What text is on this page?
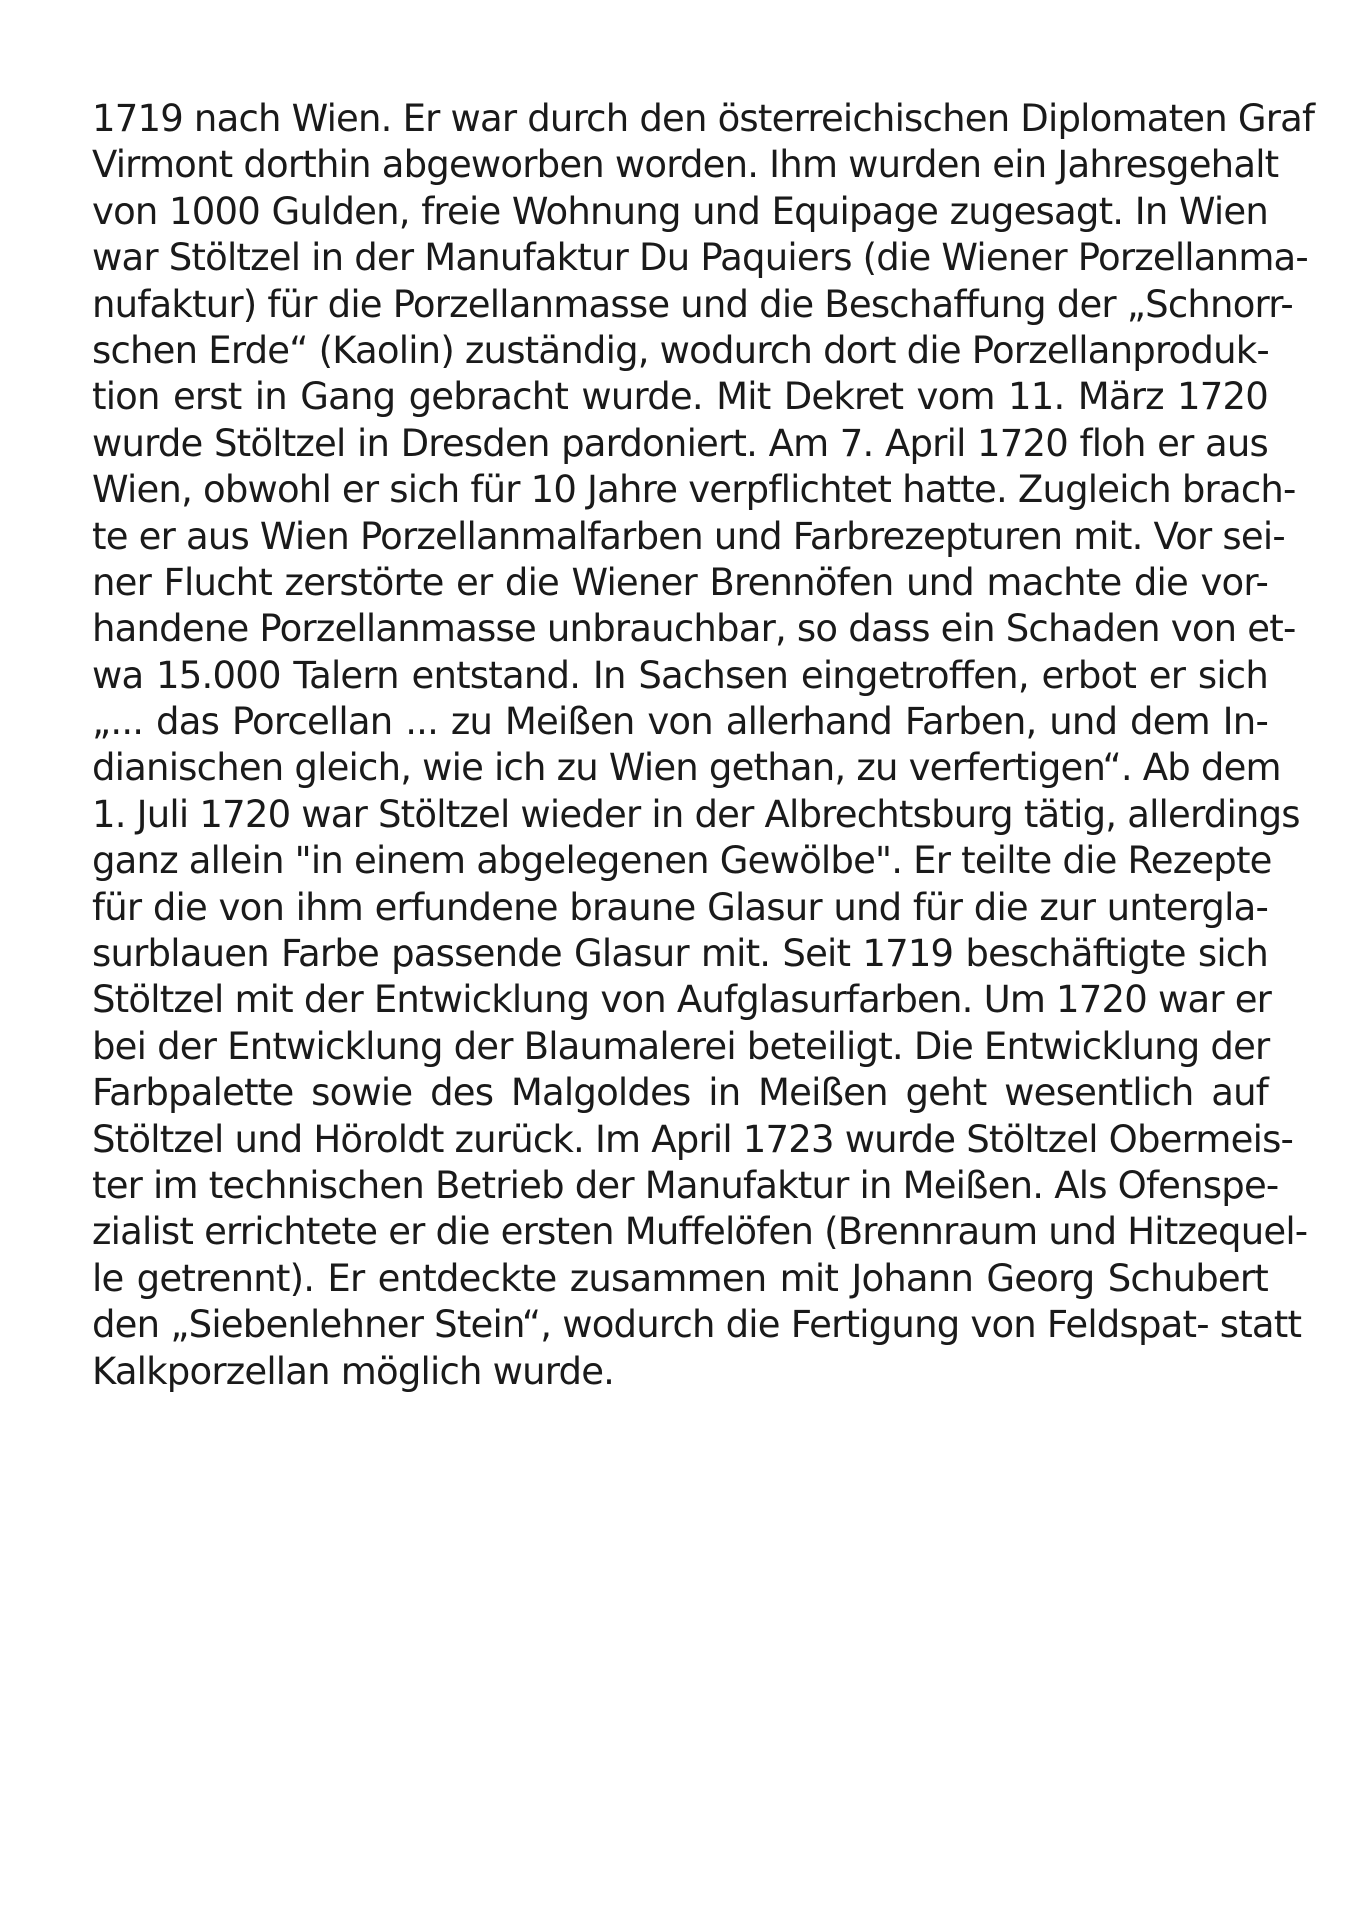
1719 nach Wien. Er war durch den österreichischen Diplomaten Graf
Virmont dorthin abgeworben worden. Ihm wurden ein Jahresgehalt
von 1000 Gulden, freie Wohnung und Equipage zugesagt. In Wien
war Stöltzel in der Manufaktur Du Paquiers (die Wiener Porzellanma-
nufaktur) für die Porzellanmasse und die Beschaffung der „Schnorr-
schen Erde“ (Kaolin) zuständig, wodurch dort die Porzellanproduk-
tion erst in Gang gebracht wurde. Mit Dekret vom 11. März 1720
wurde Stöltzel in Dresden pardoniert. Am 7. April 1720 floh er aus
Wien, obwohl er sich für 10 Jahre verpflichtet hatte. Zugleich brach-
te er aus Wien Porzellanmalfarben und Farbrezepturen mit. Vor sei-
ner Flucht zerstörte er die Wiener Brennöfen und machte die vor-
handene Porzellanmasse unbrauchbar, so dass ein Schaden von et-
wa 15.000 Talern entstand. In Sachsen eingetroffen, erbot er sich
„... das Porcellan ... zu Meißen von allerhand Farben, und dem In-
dianischen gleich, wie ich zu Wien gethan, zu verfertigen“. Ab dem
1. Juli 1720 war Stöltzel wieder in der Albrechtsburg tätig, allerdings
ganz allein "in einem abgelegenen Gewölbe". Er teilte die Rezepte
für die von ihm erfundene braune Glasur und für die zur untergla-
surblauen Farbe passende Glasur mit. Seit 1719 beschäftigte sich
Stöltzel mit der Entwicklung von Aufglasurfarben. Um 1720 war er
bei der Entwicklung der Blaumalerei beteiligt. Die Entwicklung der
Farbpalette sowie des Malgoldes in Meißen geht wesentlich auf
Stöltzel und Höroldt zurück. Im April 1723 wurde Stöltzel Obermeis-
ter im technischen Betrieb der Manufaktur in Meißen. Als Ofenspe-
zialist errichtete er die ersten Muffelöfen (Brennraum und Hitzequel-
le getrennt). Er entdeckte zusammen mit Johann Georg Schubert
den „Siebenlehner Stein“, wodurch die Fertigung von Feldspat- statt
Kalkporzellan möglich wurde.
